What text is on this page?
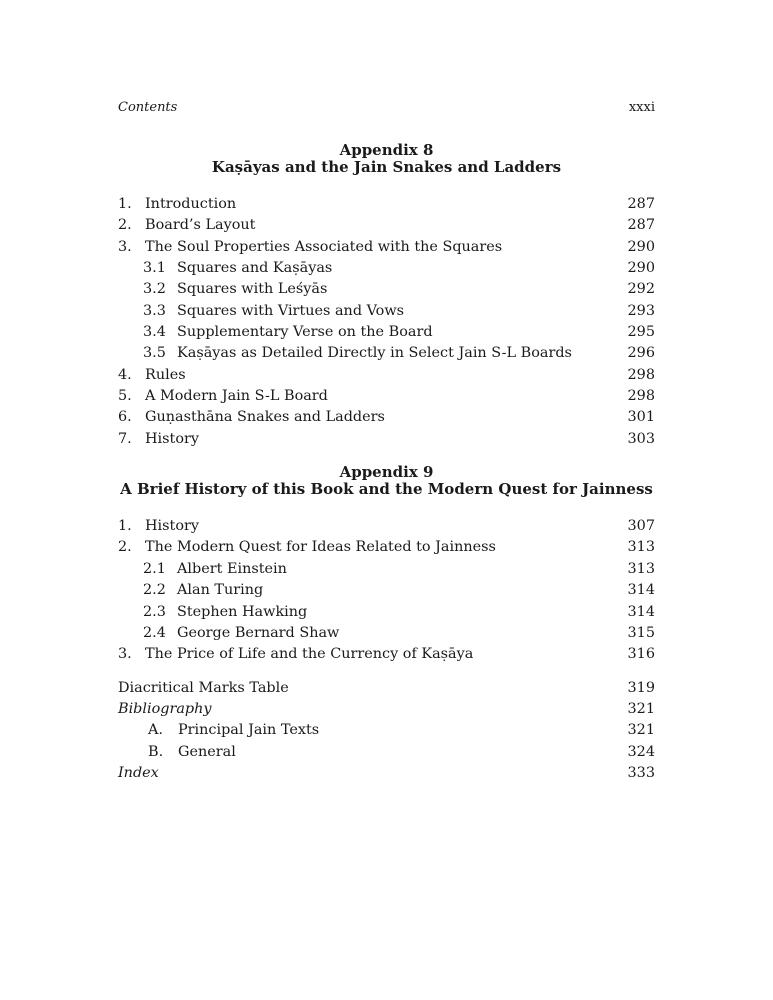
Contents	xxxi
Appendix 8
Kaṣāyas and the Jain Snakes and Ladders
1. Introduction	287
2. Board’s Layout	287
3. The Soul Properties Associated with the Squares	290
3.1 Squares and Kaṣāyas	290
3.2 Squares with Leśyās	292
3.3 Squares with Virtues and Vows	293
3.4 Supplementary Verse on the Board	295
3.5 Kaṣāyas as Detailed Directly in Select Jain S-L Boards	296
4. Rules	298
5. A Modern Jain S-L Board	298
6. Guṇasthāna Snakes and Ladders	301
7. History	303
Appendix 9
A Brief History of this Book and the Modern Quest for Jainness
1. History	307
2. The Modern Quest for Ideas Related to Jainness	313
2.1 Albert Einstein	313
2.2 Alan Turing	314
2.3 Stephen Hawking	314
2.4 George Bernard Shaw	315
3. The Price of Life and the Currency of Kaṣāya	316
Diacritical Marks Table	319
Bibliography	321
A.	Principal Jain Texts	321
B.	General	324
Index	333
